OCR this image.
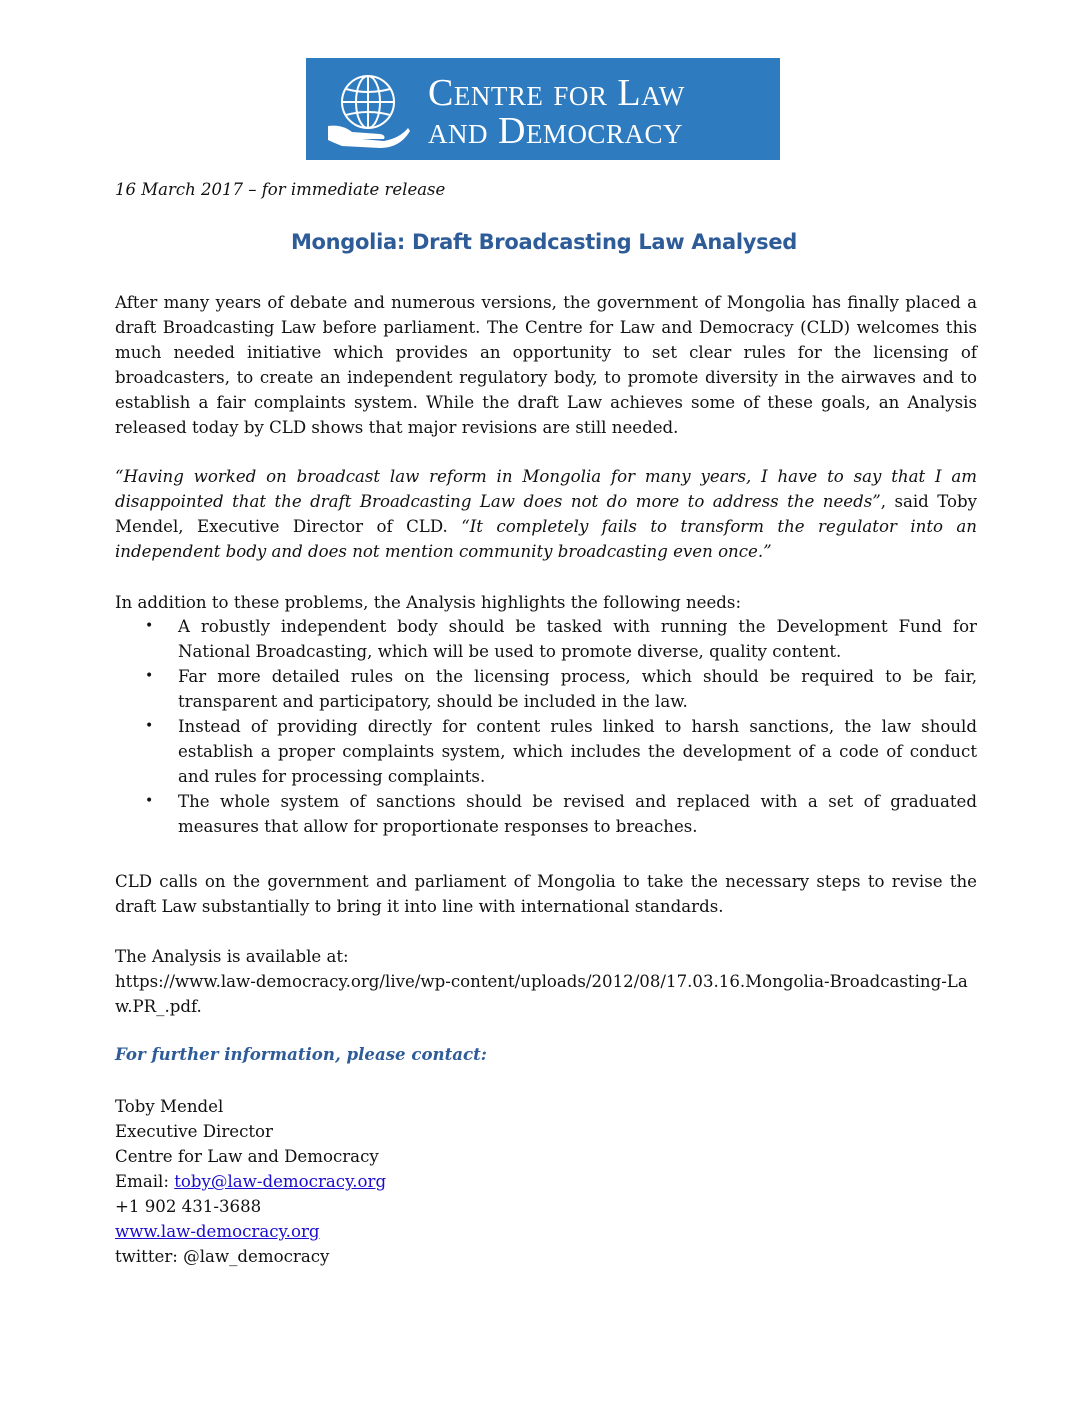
Centre for Law
and Democracy
16 March 2017 – for immediate release
Mongolia: Draft Broadcasting Law Analysed

After many years of debate and numerous versions, the government of Mongolia has finally placed a draft Broadcasting Law before parliament. The Centre for Law and Democracy (CLD) welcomes this much needed initiative which provides an opportunity to set clear rules for the licensing of broadcasters, to create an independent regulatory body, to promote diversity in the airwaves and to establish a fair complaints system. While the draft Law achieves some of these goals, an Analysis released today by CLD shows that major revisions are still needed.

“Having worked on broadcast law reform in Mongolia for many years, I have to say that I am disappointed that the draft Broadcasting Law does not do more to address the needs”, said Toby Mendel, Executive Director of CLD. “It completely fails to transform the regulator into an independent body and does not mention community broadcasting even once.”

In addition to these problems, the Analysis highlights the following needs:

• A robustly independent body should be tasked with running the Development Fund for National Broadcasting, which will be used to promote diverse, quality content.
• Far more detailed rules on the licensing process, which should be required to be fair, transparent and participatory, should be included in the law.
• Instead of providing directly for content rules linked to harsh sanctions, the law should establish a proper complaints system, which includes the development of a code of conduct and rules for processing complaints.
• The whole system of sanctions should be revised and replaced with a set of graduated measures that allow for proportionate responses to breaches.

CLD calls on the government and parliament of Mongolia to take the necessary steps to revise the draft Law substantially to bring it into line with international standards.

The Analysis is available at:
https://www.law-democracy.org/live/wp-content/uploads/2012/08/17.03.16.Mongolia-Broadcasting-Law.PR_.pdf.
For further information, please contact:
Toby Mendel
Executive Director
Centre for Law and Democracy
Email: toby@law-democracy.org
+1 902 431-3688
www.law-democracy.org
twitter: @law_democracy
